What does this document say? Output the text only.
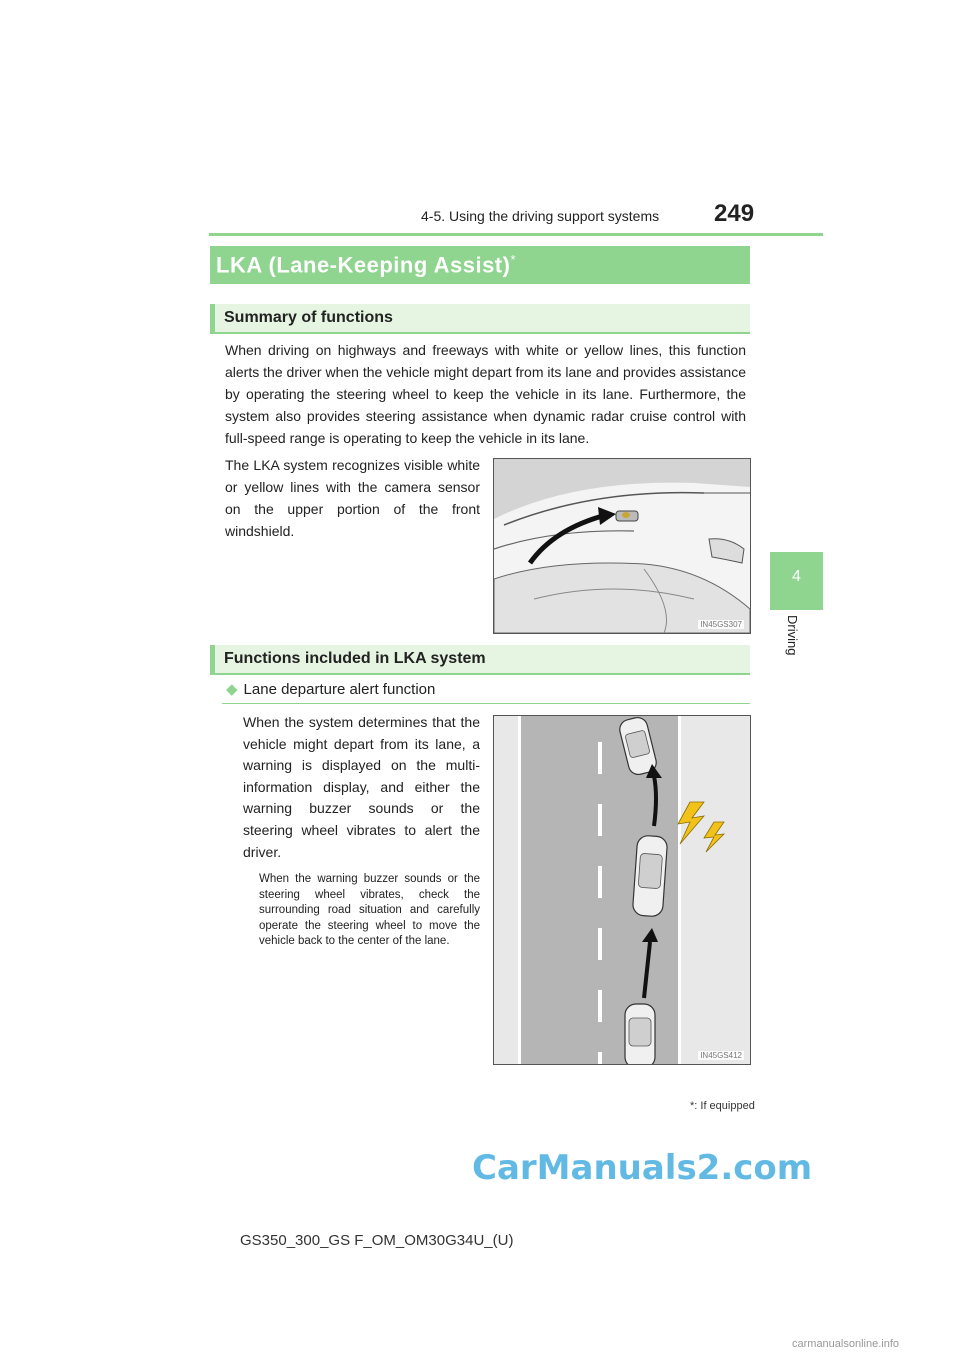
4-5. Using the driving support systems 249
4
Driving
LKA (Lane-Keeping Assist)*
Summary of functions
When driving on highways and freeways with white or yellow lines, this function alerts the driver when the vehicle might depart from its lane and provides assistance by operating the steering wheel to keep the vehicle in its lane. Furthermore, the system also provides steering assistance when dynamic radar cruise control with full-speed range is operating to keep the vehicle in its lane.
The LKA system recognizes visible white or yellow lines with the camera sensor on the upper portion of the front windshield.
IN45GS307
Functions included in LKA system
◆ Lane departure alert function
When the system determines that the vehicle might depart from its lane, a warning is displayed on the multi-information display, and either the warning buzzer sounds or the steering wheel vibrates to alert the driver.
When the warning buzzer sounds or the steering wheel vibrates, check the surrounding road situation and carefully operate the steering wheel to move the vehicle back to the center of the lane.
IN45GS412
*: If equipped
CarManuals2.com
GS350_300_GS F_OM_OM30G34U_(U)
carmanualsonline.info
